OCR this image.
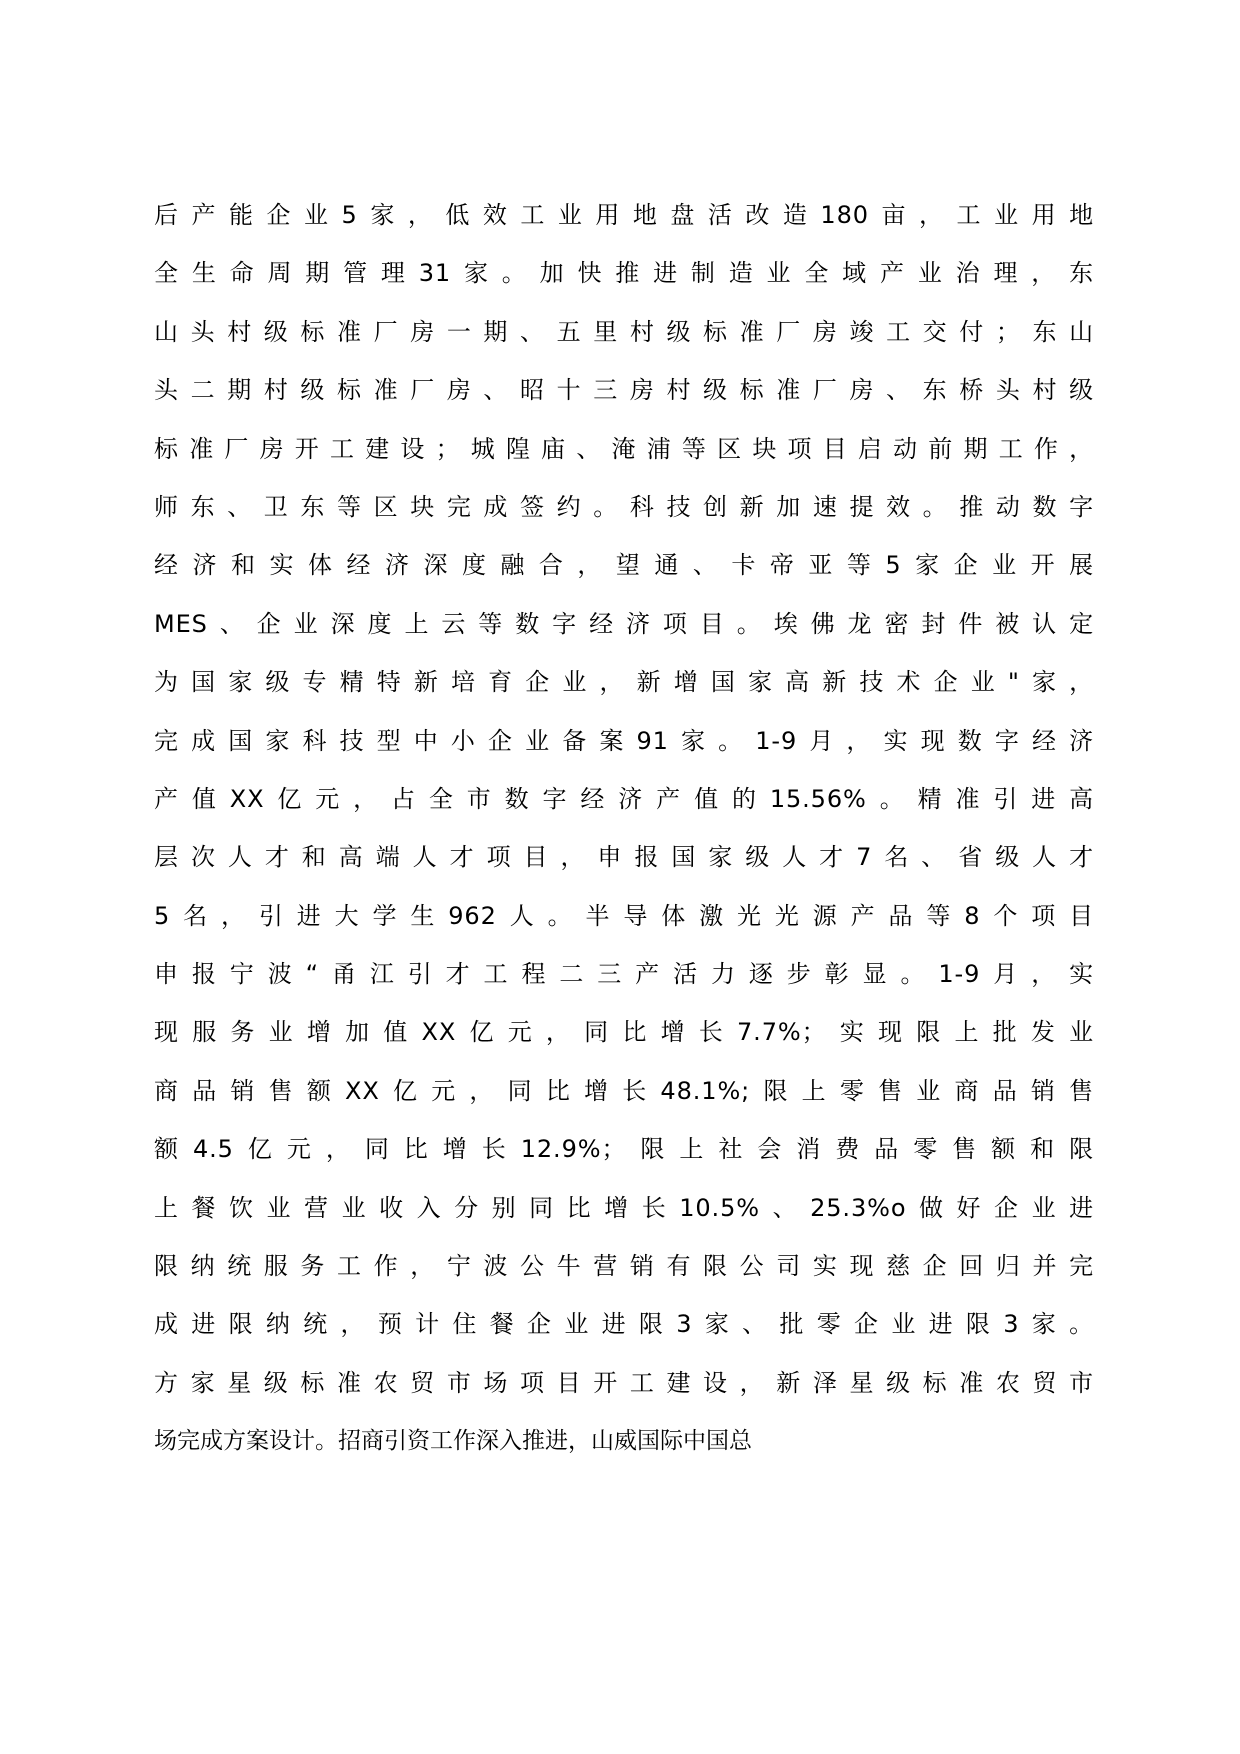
后产能企业5家，低效工业用地盘活改造180亩，工业用地
全生命周期管理31家。加快推进制造业全域产业治理，东
山头村级标准厂房一期、五里村级标准厂房竣工交付；东山
头二期村级标准厂房、昭十三房村级标准厂房、东桥头村级
标准厂房开工建设；城隍庙、淹浦等区块项目启动前期工作，
师东、卫东等区块完成签约。科技创新加速提效。推动数字
经济和实体经济深度融合，望通、卡帝亚等5家企业开展
MES、企业深度上云等数字经济项目。埃佛龙密封件被认定
为国家级专精特新培育企业，新增国家高新技术企业"家，
完成国家科技型中小企业备案91家。1-9月，实现数字经济
产值XX亿元，占全市数字经济产值的15.56%。精准引进高
层次人才和高端人才项目，申报国家级人才7名、省级人才
5名，引进大学生962人。半导体激光光源产品等8个项目
申报宁波“甬江引才工程二三产活力逐步彰显。1-9月，实
现服务业增加值XX亿元，同比增长7.7%；实现限上批发业
商品销售额XX亿元，同比增长48.1%;限上零售业商品销售
额4.5亿元，同比增长12.9%；限上社会消费品零售额和限
上餐饮业营业收入分别同比增长10.5%、25.3%o做好企业进
限纳统服务工作，宁波公牛营销有限公司实现慈企回归并完
成进限纳统，预计住餐企业进限3家、批零企业进限3家。
方家星级标准农贸市场项目开工建设，新泽星级标准农贸市
场完成方案设计。招商引资工作深入推进，山威国际中国总
